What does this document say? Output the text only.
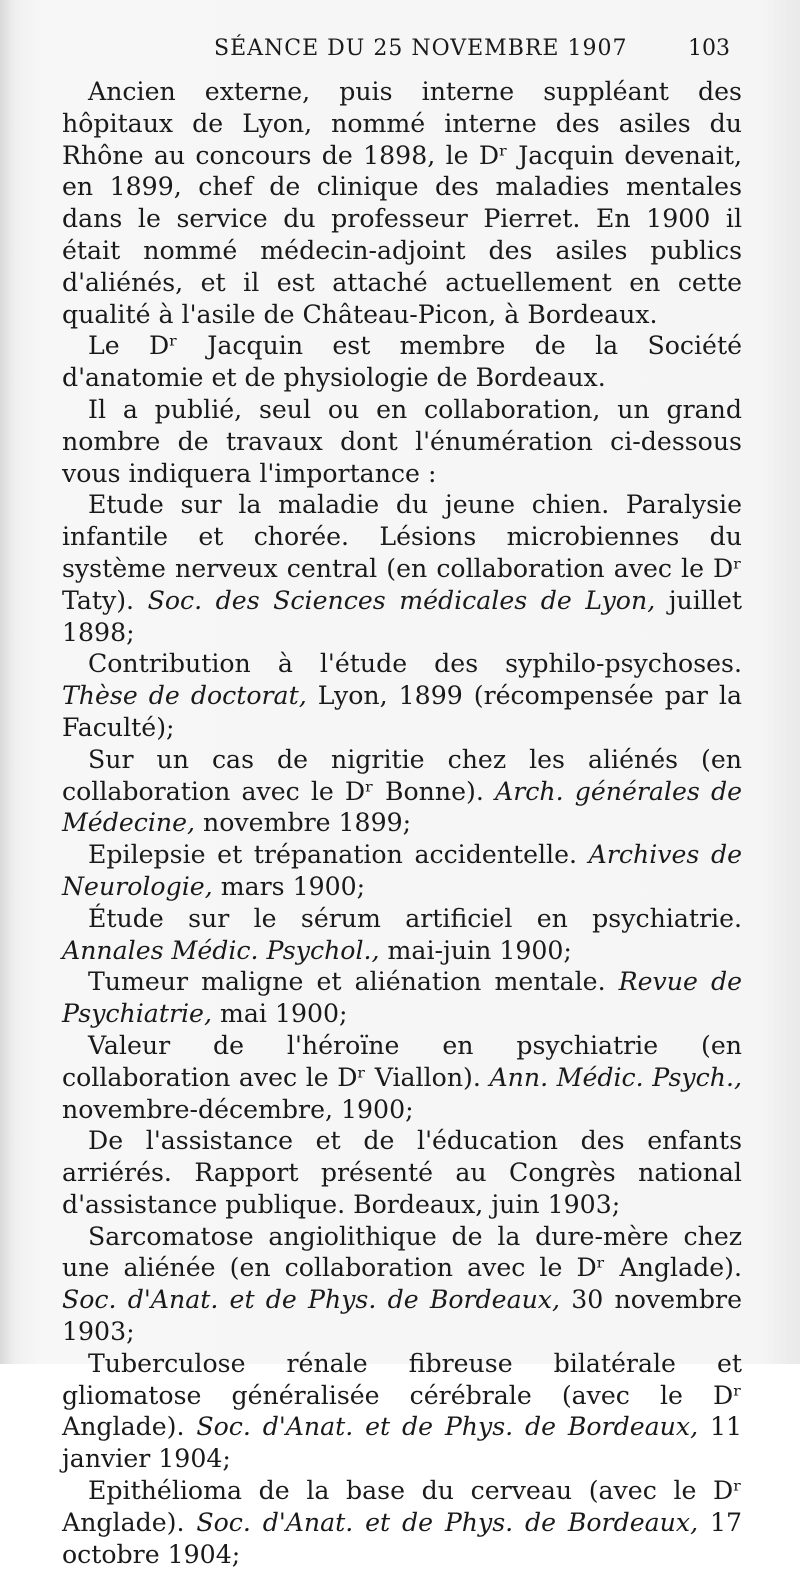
SÉANCE DU 25 NOVEMBRE 1907	103

Ancien externe, puis interne suppléant des hôpitaux de Lyon, nommé interne des asiles du Rhône au concours de 1898, le Dʳ Jacquin devenait, en 1899, chef de clinique des maladies mentales dans le service du professeur Pierret. En 1900 il était nommé médecin-adjoint des asiles publics d'aliénés, et il est attaché actuellement en cette qualité à l'asile de Château-Picon, à Bordeaux.

Le Dʳ Jacquin est membre de la Société d'anatomie et de physiologie de Bordeaux.

Il a publié, seul ou en collaboration, un grand nombre de travaux dont l'énumération ci-dessous vous indiquera l'importance :

Etude sur la maladie du jeune chien. Paralysie infantile et chorée. Lésions microbiennes du système nerveux central (en collaboration avec le Dʳ Taty). Soc. des Sciences médicales de Lyon, juillet 1898;

Contribution à l'étude des syphilo-psychoses. Thèse de doctorat, Lyon, 1899 (récompensée par la Faculté);

Sur un cas de nigritie chez les aliénés (en collaboration avec le Dʳ Bonne). Arch. générales de Médecine, novembre 1899;

Epilepsie et trépanation accidentelle. Archives de Neurologie, mars 1900;

Étude sur le sérum artificiel en psychiatrie. Annales Médic. Psychol., mai-juin 1900;

Tumeur maligne et aliénation mentale. Revue de Psychiatrie, mai 1900;

Valeur de l'héroïne en psychiatrie (en collaboration avec le Dʳ Viallon). Ann. Médic. Psych., novembre-décembre, 1900;

De l'assistance et de l'éducation des enfants arriérés. Rapport présenté au Congrès national d'assistance publique. Bordeaux, juin 1903;

Sarcomatose angiolithique de la dure-mère chez une aliénée (en collaboration avec le Dʳ Anglade). Soc. d'Anat. et de Phys. de Bordeaux, 30 novembre 1903;

Tuberculose rénale fibreuse bilatérale et gliomatose généralisée cérébrale (avec le Dʳ Anglade). Soc. d'Anat. et de Phys. de Bordeaux, 11 janvier 1904;

Epithélioma de la base du cerveau (avec le Dʳ Anglade). Soc. d'Anat. et de Phys. de Bordeaux, 17 octobre 1904;
